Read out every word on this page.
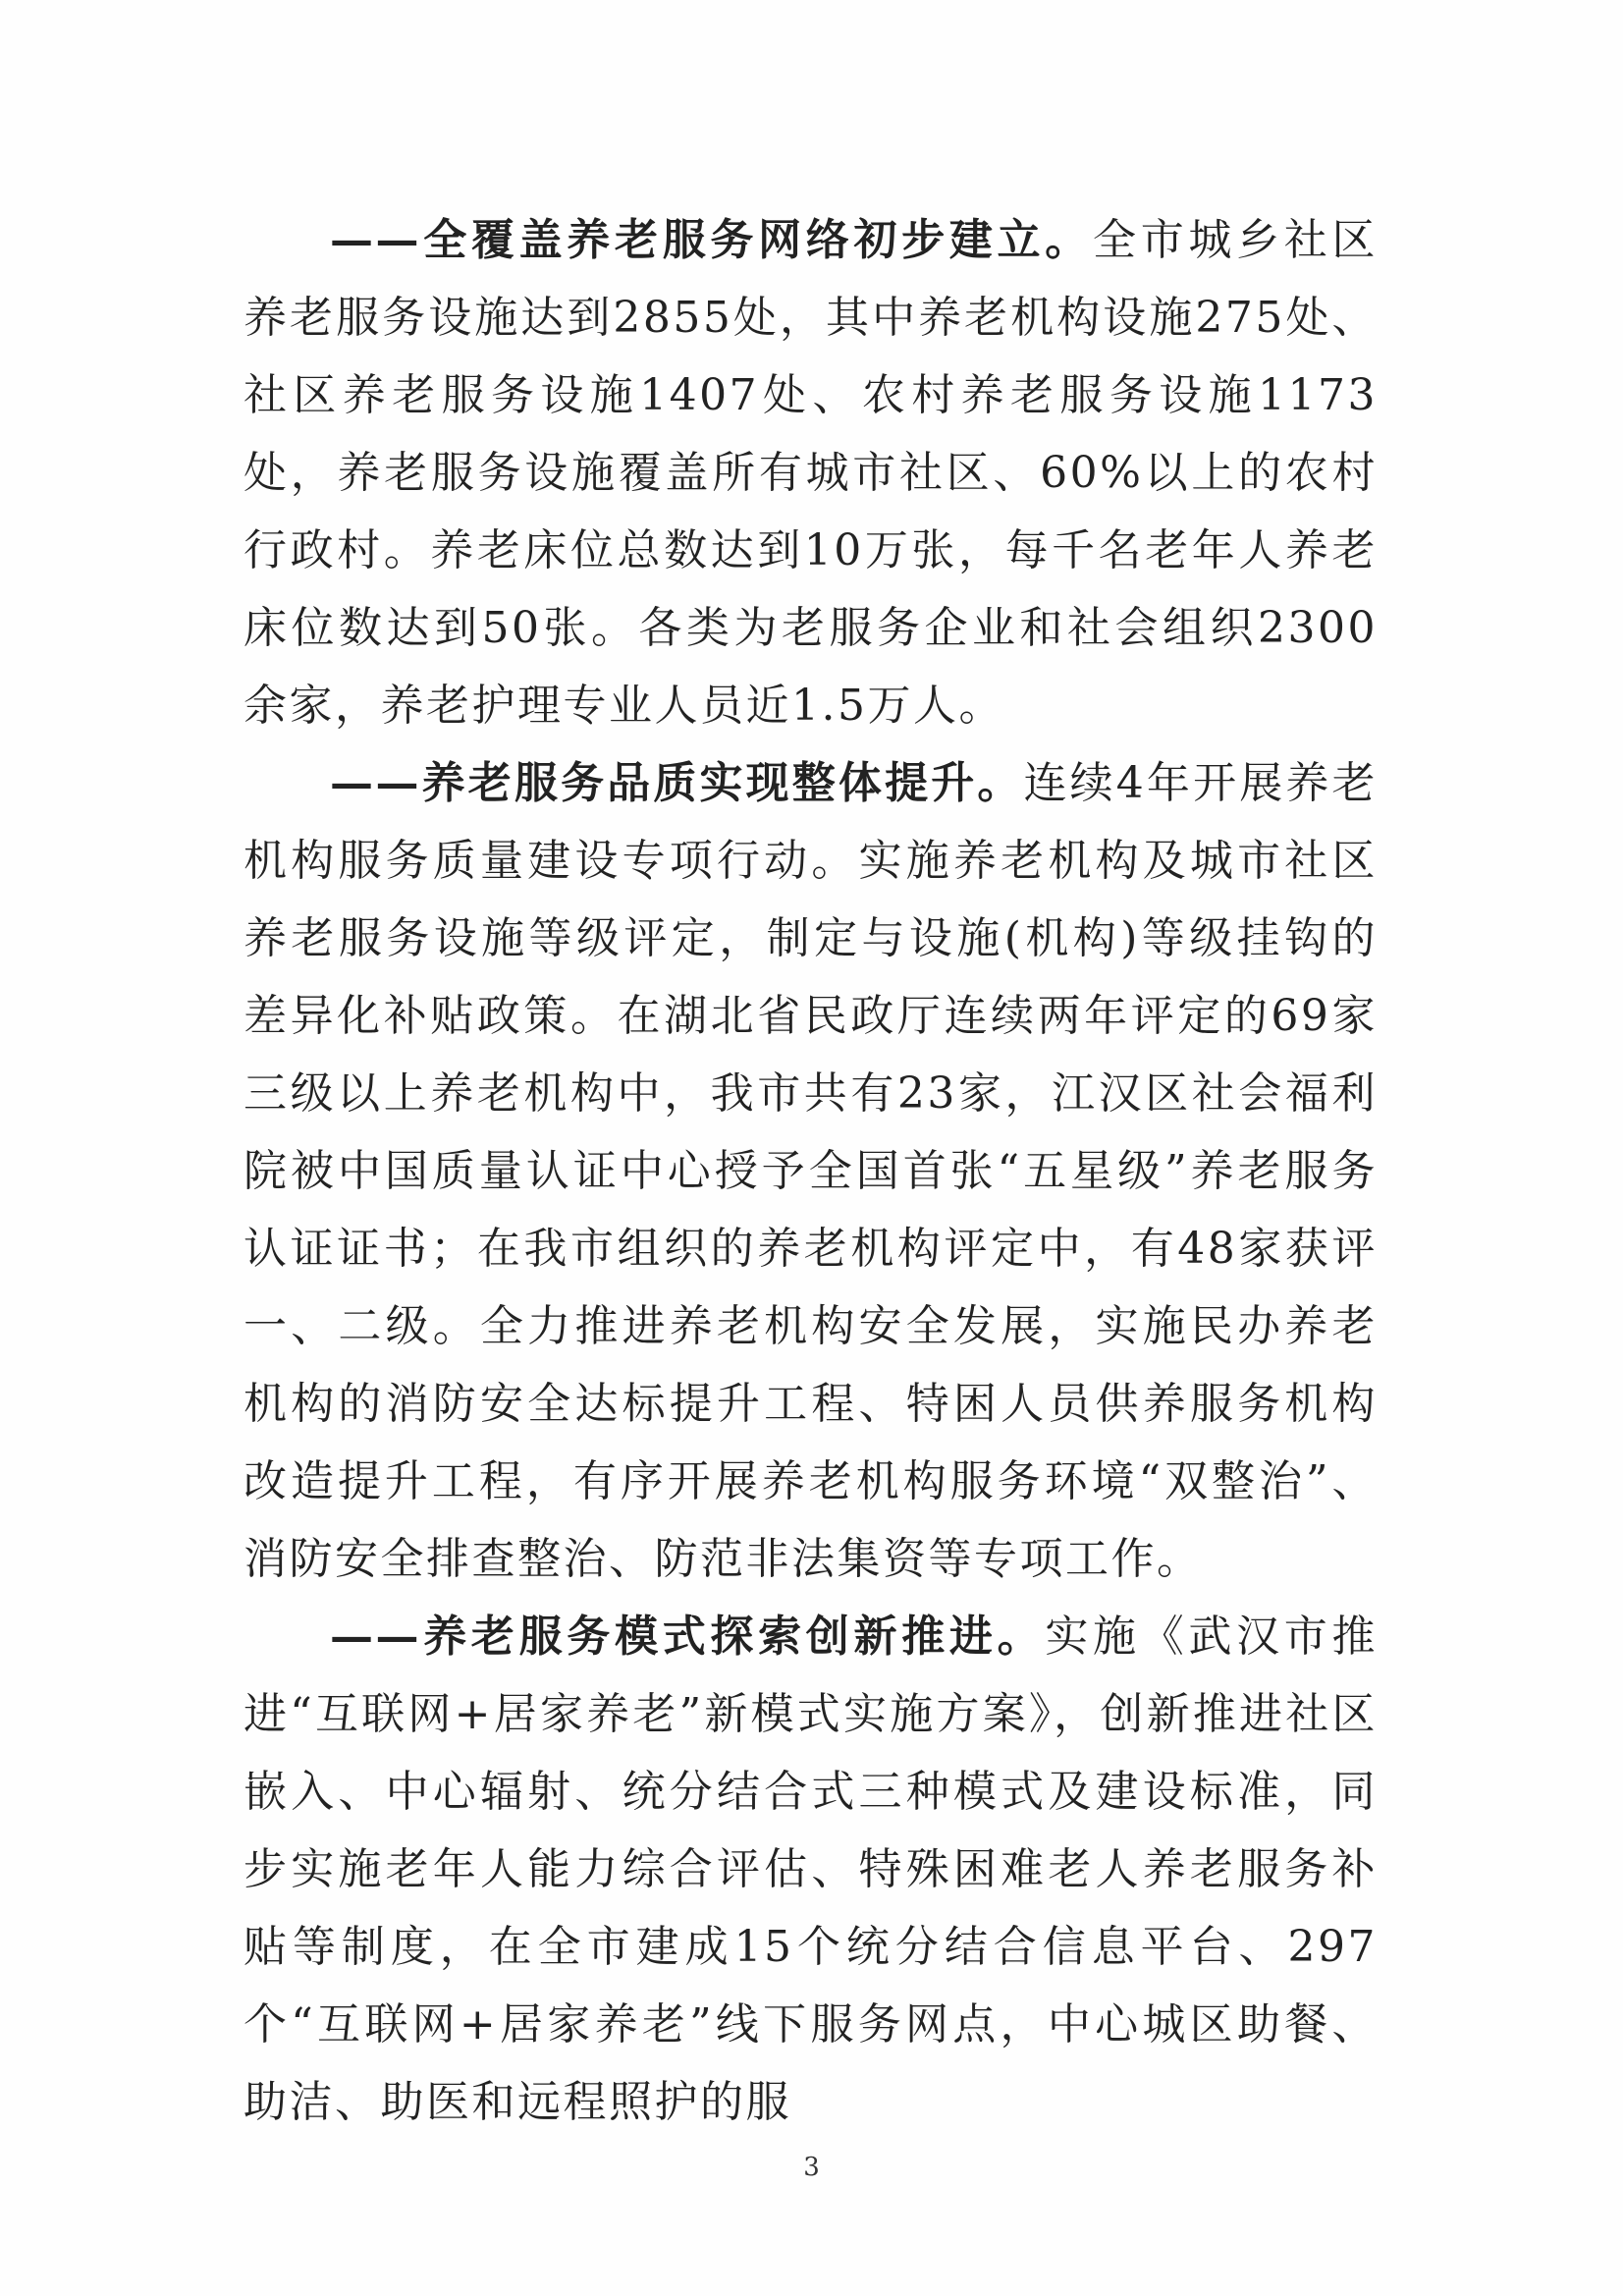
——全覆盖养老服务网络初步建立。全市城乡社区养老服务设施达到2855处，其中养老机构设施275处、社区养老服务设施1407处、农村养老服务设施1173处，养老服务设施覆盖所有城市社区、60%以上的农村行政村。养老床位总数达到10万张，每千名老年人养老床位数达到50张。各类为老服务企业和社会组织2300余家，养老护理专业人员近1.5万人。

——养老服务品质实现整体提升。连续4年开展养老机构服务质量建设专项行动。实施养老机构及城市社区养老服务设施等级评定，制定与设施(机构)等级挂钩的差异化补贴政策。在湖北省民政厅连续两年评定的69家三级以上养老机构中，我市共有23家，江汉区社会福利院被中国质量认证中心授予全国首张“五星级”养老服务认证证书；在我市组织的养老机构评定中，有48家获评一、二级。全力推进养老机构安全发展，实施民办养老机构的消防安全达标提升工程、特困人员供养服务机构改造提升工程，有序开展养老机构服务环境“双整治”、消防安全排查整治、防范非法集资等专项工作。

——养老服务模式探索创新推进。实施《武汉市推进“互联网+居家养老”新模式实施方案》，创新推进社区嵌入、中心辐射、统分结合式三种模式及建设标准，同步实施老年人能力综合评估、特殊困难老人养老服务补贴等制度，在全市建成15个统分结合信息平台、297个“互联网+居家养老”线下服务网点，中心城区助餐、助洁、助医和远程照护的服

3
